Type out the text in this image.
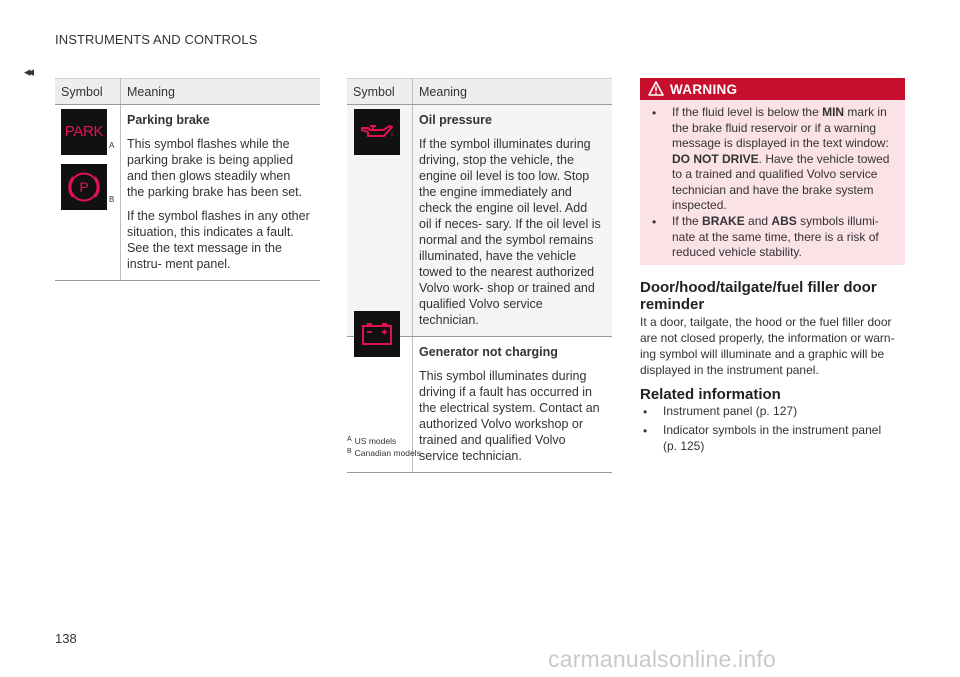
INSTRUMENTS AND CONTROLS
◂◂
Symbol	Meaning

	Parking brake
This symbol flashes while the parking brake is being applied and then glows steadily when the parking brake has been set.
If the symbol flashes in any other situation, this indicates a fault. See the text message in the instru- ment panel.
PARK
A
P
B
Symbol	Meaning

	Oil pressure
If the symbol illuminates during driving, stop the vehicle, the engine oil level is too low. Stop the engine immediately and check the engine oil level. Add oil if neces- sary. If the oil level is normal and the symbol remains illuminated, have the vehicle towed to the nearest authorized Volvo work- shop or trained and qualified Volvo service technician.

	Generator not charging
This symbol illuminates during driving if a fault has occurred in the electrical system. Contact an authorized Volvo workshop or trained and qualified Volvo service technician.
$^A$ US models
$^B$ Canadian models
WARNING
• If the fluid level is below the MIN mark in the brake fluid reservoir or if a warning message is displayed in the text window: DO NOT DRIVE. Have the vehicle towed to a trained and qualified Volvo service technician and have the brake system inspected.
• If the BRAKE and ABS symbols illumi- nate at the same time, there is a risk of reduced vehicle stability.
Door/hood/tailgate/fuel filler door
reminder
It a door, tailgate, the hood or the fuel filler door are not closed properly, the information or warn- ing symbol will illuminate and a graphic will be displayed in the instrument panel.
Related information
• Instrument panel (p. 127)
• Indicator symbols in the instrument panel (p. 125)
138
carmanualsonline.info
